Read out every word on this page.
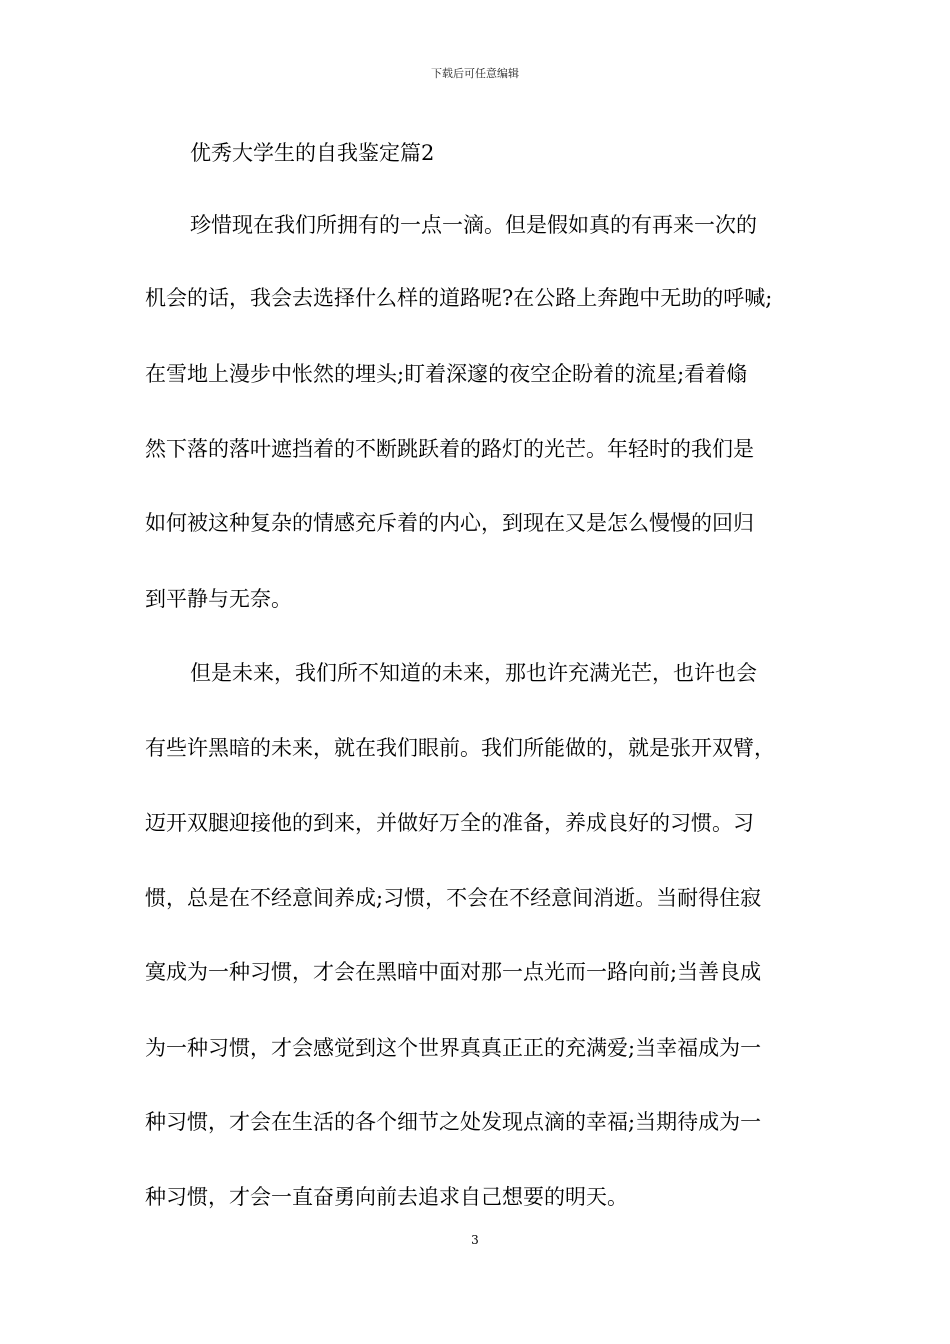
下载后可任意编辑
优秀大学生的自我鉴定篇2
珍惜现在我们所拥有的一点一滴。但是假如真的有再来一次的
机会的话，我会去选择什么样的道路呢?在公路上奔跑中无助的呼喊;
在雪地上漫步中怅然的埋头;盯着深邃的夜空企盼着的流星;看着翛
然下落的落叶遮挡着的不断跳跃着的路灯的光芒。年轻时的我们是
如何被这种复杂的情感充斥着的内心，到现在又是怎么慢慢的回归
到平静与无奈。
但是未来，我们所不知道的未来，那也许充满光芒，也许也会
有些许黑暗的未来，就在我们眼前。我们所能做的，就是张开双臂，
迈开双腿迎接他的到来，并做好万全的准备，养成良好的习惯。习
惯，总是在不经意间养成;习惯，不会在不经意间消逝。当耐得住寂
寞成为一种习惯，才会在黑暗中面对那一点光而一路向前;当善良成
为一种习惯，才会感觉到这个世界真真正正的充满爱;当幸福成为一
种习惯，才会在生活的各个细节之处发现点滴的幸福;当期待成为一
种习惯，才会一直奋勇向前去追求自己想要的明天。
3
